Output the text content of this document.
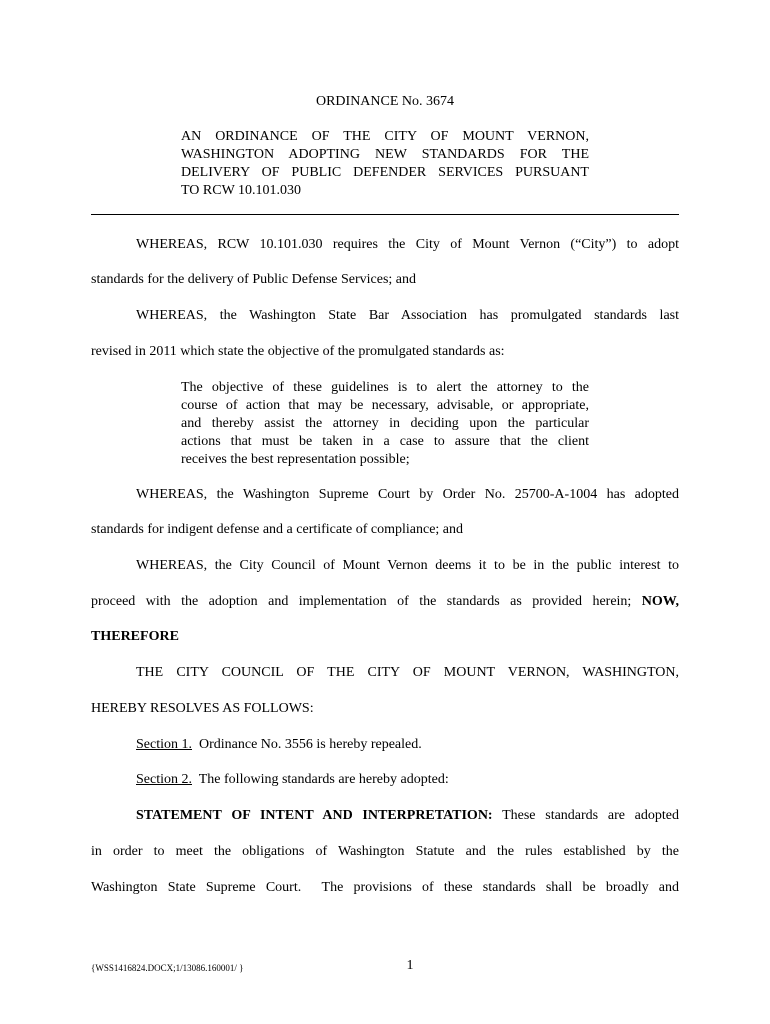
ORDINANCE No. 3674
AN ORDINANCE OF THE CITY OF MOUNT VERNON,
WASHINGTON ADOPTING NEW STANDARDS FOR THE
DELIVERY OF PUBLIC DEFENDER SERVICES PURSUANT
TO RCW 10.101.030
WHEREAS, RCW 10.101.030 requires the City of Mount Vernon (“City”) to adopt
standards for the delivery of Public Defense Services; and
WHEREAS, the Washington State Bar Association has promulgated standards last
revised in 2011 which state the objective of the promulgated standards as:
The objective of these guidelines is to alert the attorney to the
course of action that may be necessary, advisable, or appropriate,
and thereby assist the attorney in deciding upon the particular
actions that must be taken in a case to assure that the client
receives the best representation possible;
WHEREAS, the Washington Supreme Court by Order No. 25700-A-1004 has adopted
standards for indigent defense and a certificate of compliance; and
WHEREAS, the City Council of Mount Vernon deems it to be in the public interest to
proceed with the adoption and implementation of the standards as provided herein; NOW,
THEREFORE
THE CITY COUNCIL OF THE CITY OF MOUNT VERNON, WASHINGTON,
HEREBY RESOLVES AS FOLLOWS:
Section 1. Ordinance No. 3556 is hereby repealed.
Section 2. The following standards are hereby adopted:
STATEMENT OF INTENT AND INTERPRETATION: These standards are adopted
in order to meet the obligations of Washington Statute and the rules established by the
Washington State Supreme Court.  The provisions of these standards shall be broadly and
{WSS1416824.DOCX;1/13086.160001/ }	1
